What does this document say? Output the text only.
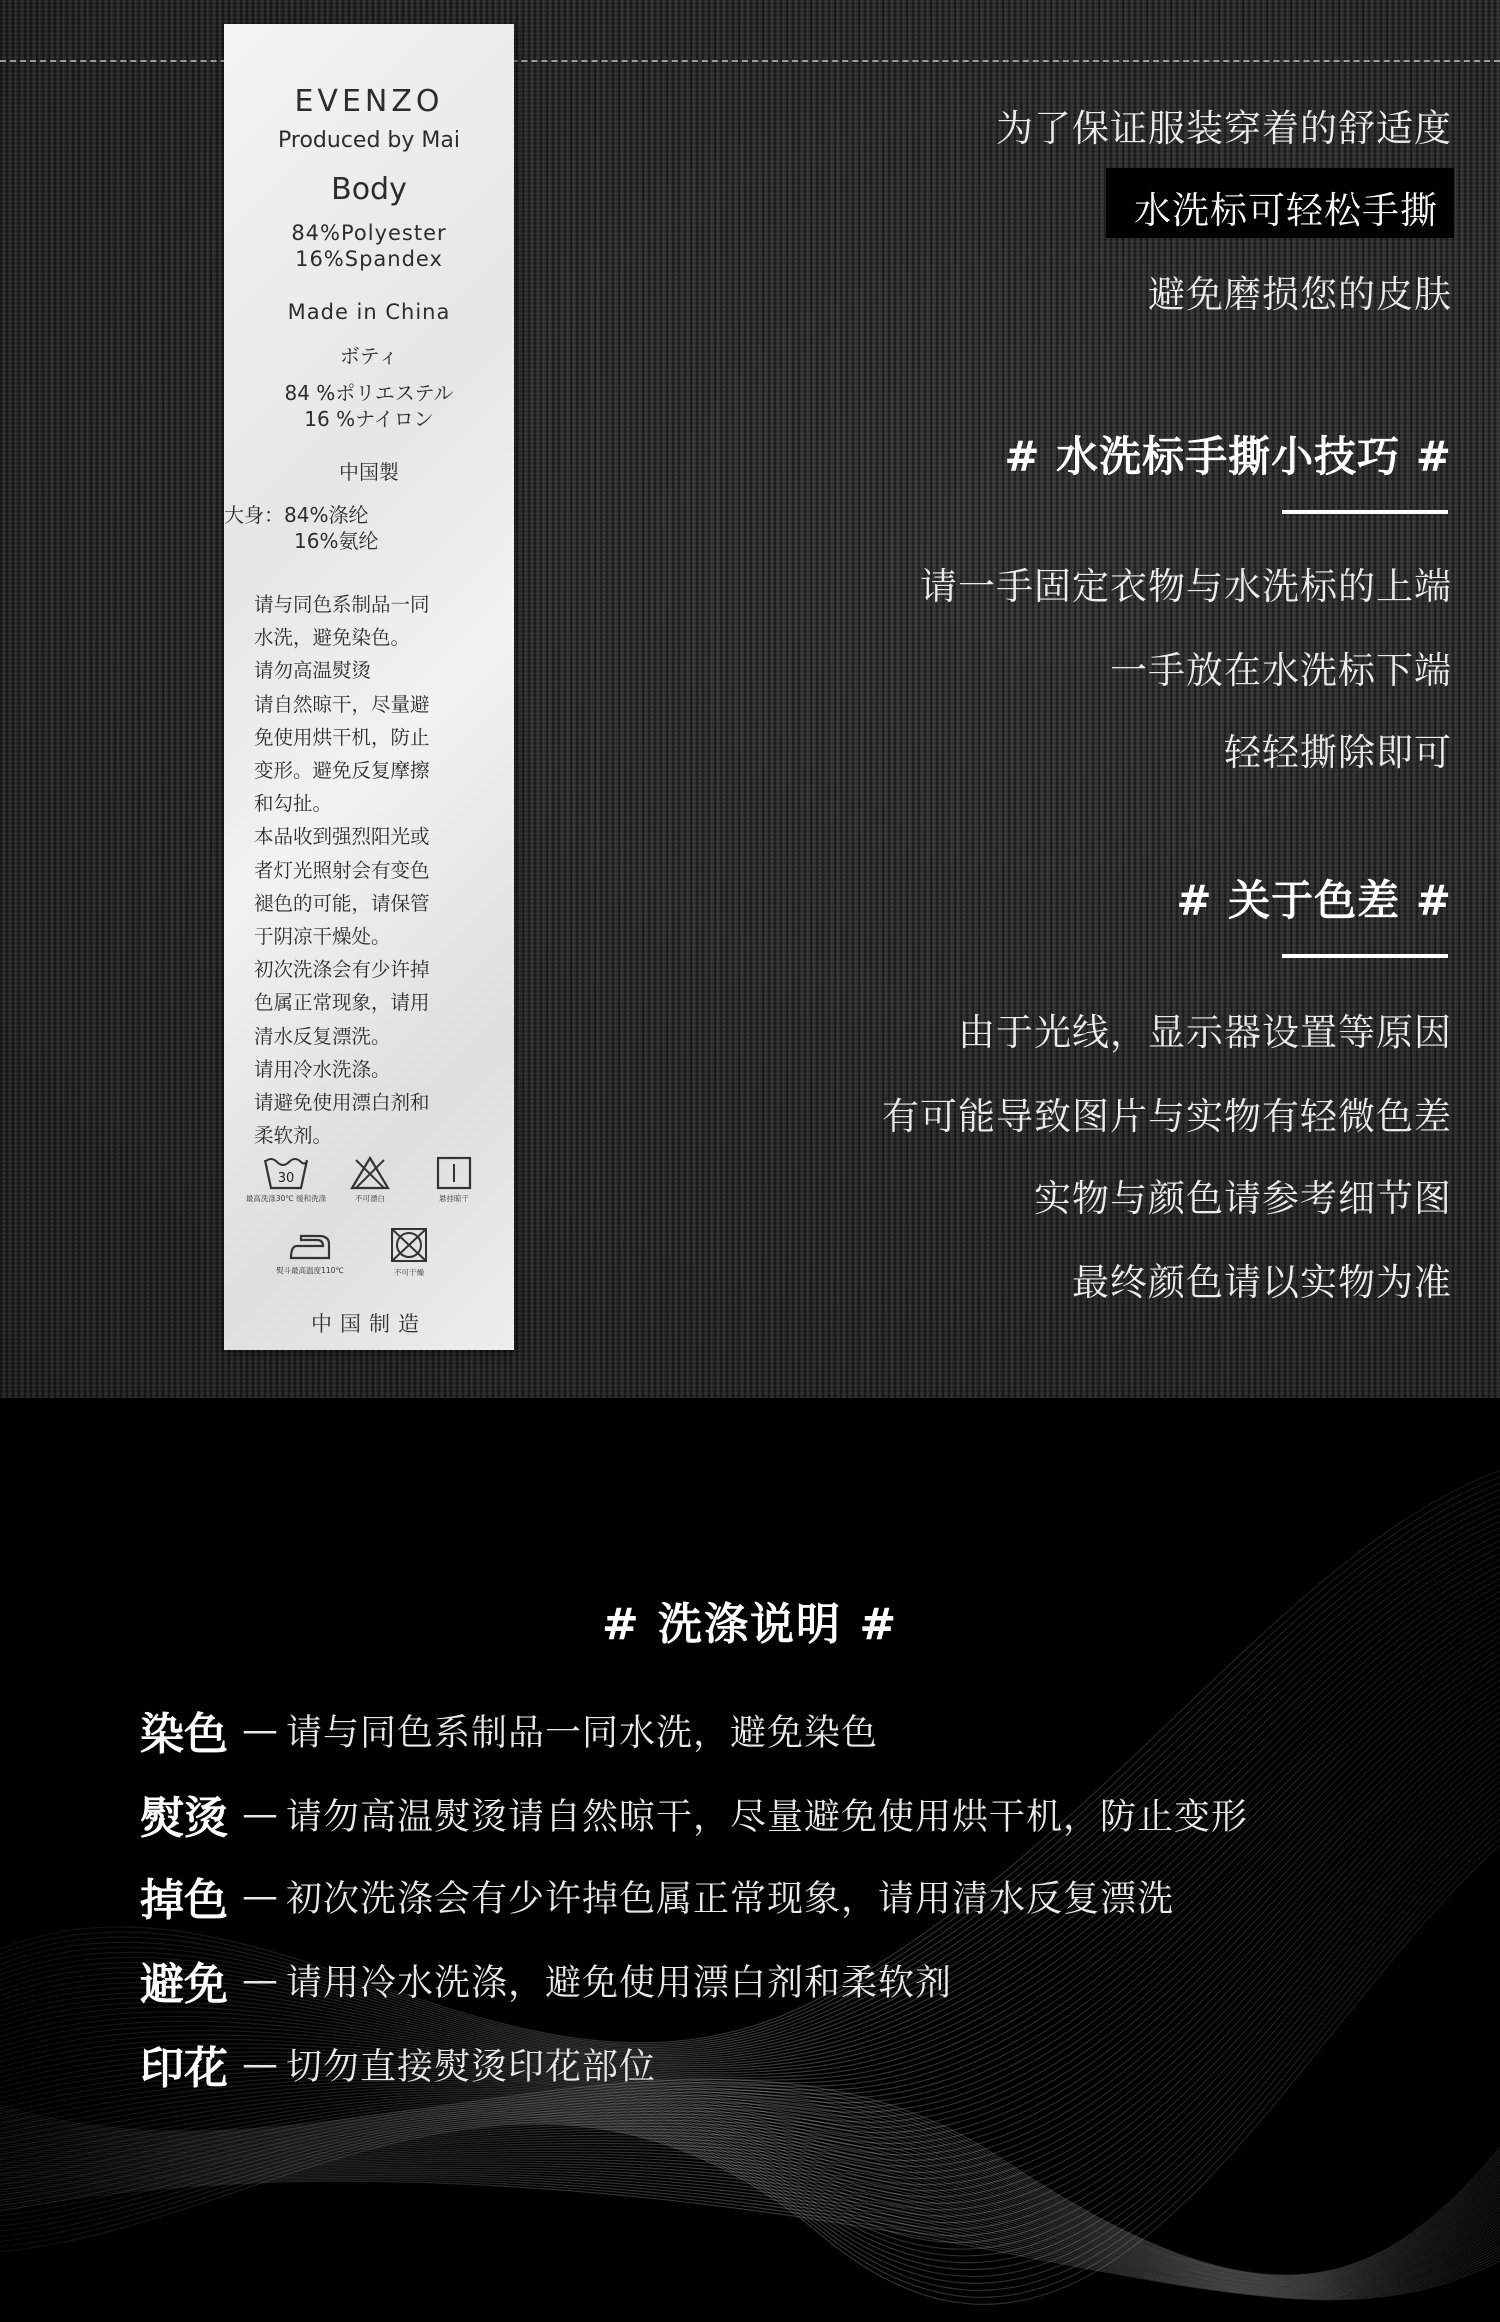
EVENZO
Produced by Mai
Body
84%Polyester
16%Spandex
Made in China
ボティ
84 %ポリエステル
16 %ナイロン
中国製
大身：84%涤纶
16%氨纶
请与同色系制品一同
水洗，避免染色。
请勿高温熨烫
请自然晾干，尽量避
免使用烘干机，防止
变形。避免反复摩擦
和勾扯。
本品收到强烈阳光或
者灯光照射会有变色
褪色的可能，请保管
于阴凉干燥处。
初次洗涤会有少许掉
色属正常现象，请用
清水反复漂洗。
请用冷水洗涤。
请避免使用漂白剂和
柔软剂。
30
最高洗涤30℃ 缓和洗涤	不可漂白	悬挂晾干
熨斗最高温度110℃	不可干燥
中国制造
为了保证服装穿着的舒适度
水洗标可轻松手撕
避免磨损您的皮肤
# 水洗标手撕小技巧 #
请一手固定衣物与水洗标的上端
一手放在水洗标下端
轻轻撕除即可
# 关于色差 #
由于光线，显示器设置等原因
有可能导致图片与实物有轻微色差
实物与颜色请参考细节图
最终颜色请以实物为准
# 洗涤说明 #
染色 — 请与同色系制品一同水洗，避免染色
熨烫 — 请勿高温熨烫请自然晾干，尽量避免使用烘干机，防止变形
掉色 — 初次洗涤会有少许掉色属正常现象，请用清水反复漂洗
避免 — 请用冷水洗涤，避免使用漂白剂和柔软剂
印花 — 切勿直接熨烫印花部位
